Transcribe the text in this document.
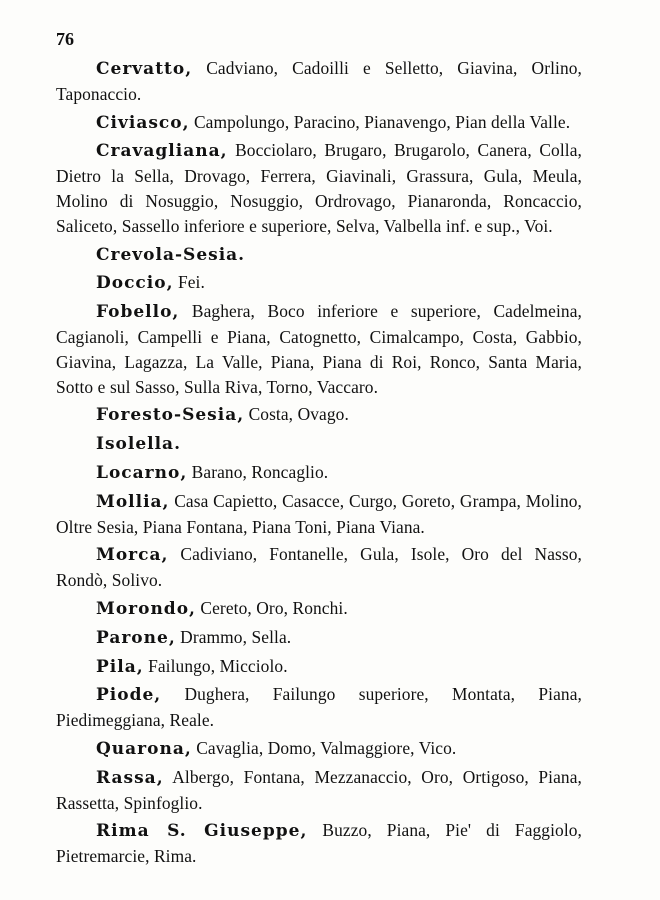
76

Cervatto, Cadviano, Cadoilli e Selletto, Giavina, Orlino, Taponaccio.

Civiasco, Campolungo, Paracino, Pianavengo, Pian della Valle.

Cravagliana, Bocciolaro, Brugaro, Brugarolo, Canera, Colla, Dietro la Sella, Drovago, Ferrera, Giavinali, Grassura, Gula, Meula, Molino di Nosuggio, Nosuggio, Ordrovago, Pianaronda, Roncaccio, Saliceto, Sassello inferiore e superiore, Selva, Valbella inf. e sup., Voi.

Crevola-Sesia.

Doccio, Fei.

Fobello, Baghera, Boco inferiore e superiore, Cadelmeina, Cagianoli, Campelli e Piana, Catognetto, Cimalcampo, Costa, Gabbio, Giavina, Lagazza, La Valle, Piana, Piana di Roi, Ronco, Santa Maria, Sotto e sul Sasso, Sulla Riva, Torno, Vaccaro.

Foresto-Sesia, Costa, Ovago.

Isolella.

Locarno, Barano, Roncaglio.

Mollia, Casa Capietto, Casacce, Curgo, Goreto, Grampa, Molino, Oltre Sesia, Piana Fontana, Piana Toni, Piana Viana.

Morca, Cadiviano, Fontanelle, Gula, Isole, Oro del Nasso, Rondò, Solivo.

Morondo, Cereto, Oro, Ronchi.

Parone, Drammo, Sella.

Pila, Failungo, Micciolo.

Piode, Dughera, Failungo superiore, Montata, Piana, Piedimeggiana, Reale.

Quarona, Cavaglia, Domo, Valmaggiore, Vico.

Rassa, Albergo, Fontana, Mezzanaccio, Oro, Ortigoso, Piana, Rassetta, Spinfoglio.

Rima S. Giuseppe, Buzzo, Piana, Pie' di Faggiolo, Pietremarcie, Rima.
